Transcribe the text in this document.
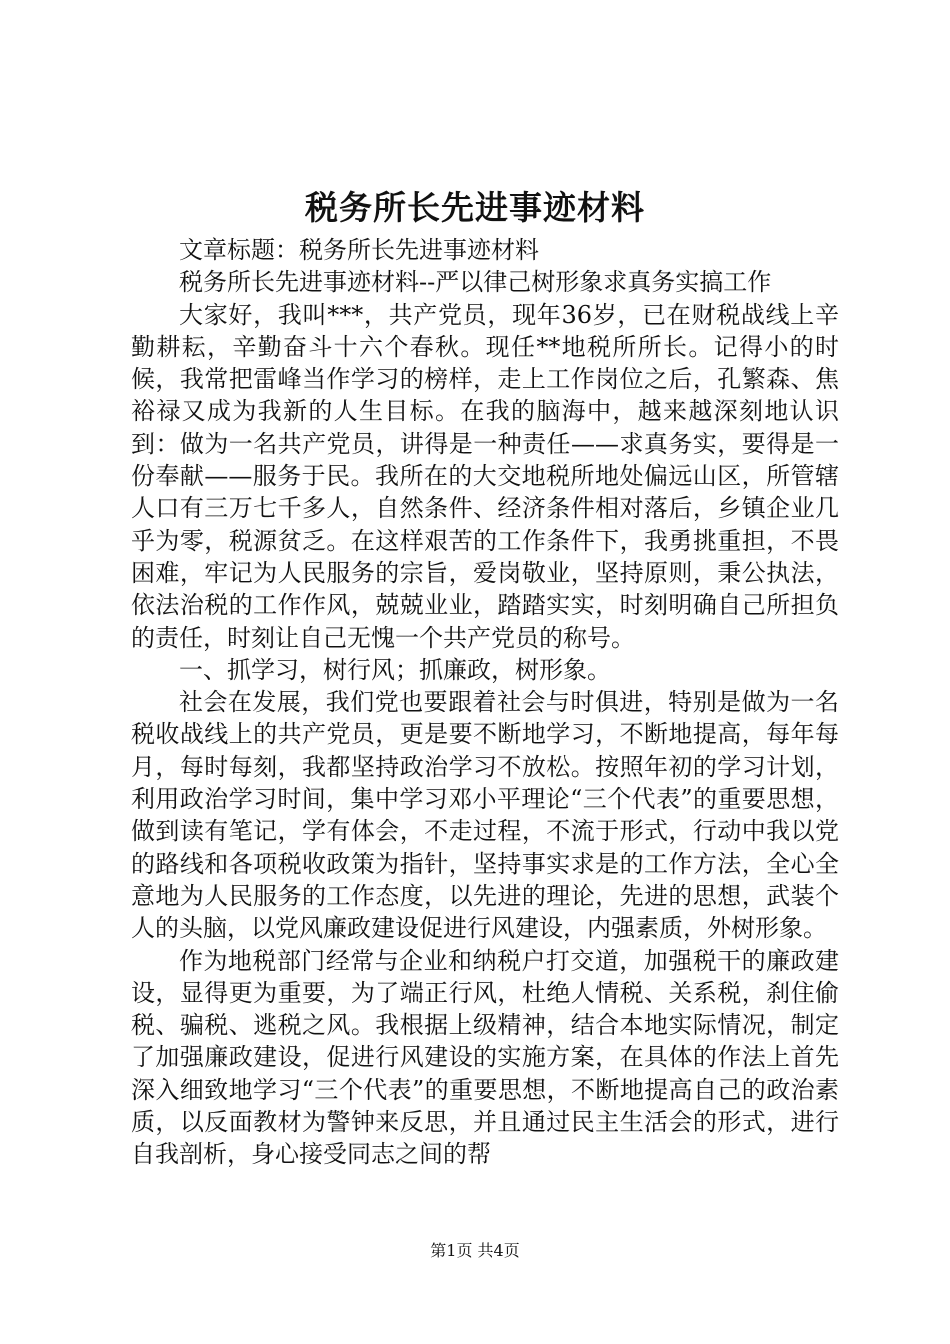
税务所长先进事迹材料

文章标题：税务所长先进事迹材料

税务所长先进事迹材料--严以律己树形象求真务实搞工作

大家好，我叫***，共产党员，现年36岁，已在财税战线上辛勤耕耘，辛勤奋斗十六个春秋。现任**地税所所长。记得小的时候，我常把雷峰当作学习的榜样，走上工作岗位之后，孔繁森、焦裕禄又成为我新的人生目标。在我的脑海中，越来越深刻地认识到：做为一名共产党员，讲得是一种责任——求真务实，要得是一份奉献——服务于民。我所在的大交地税所地处偏远山区，所管辖人口有三万七千多人，自然条件、经济条件相对落后，乡镇企业几乎为零，税源贫乏。在这样艰苦的工作条件下，我勇挑重担，不畏困难，牢记为人民服务的宗旨，爱岗敬业，坚持原则，秉公执法，依法治税的工作作风，兢兢业业，踏踏实实，时刻明确自己所担负的责任，时刻让自己无愧一个共产党员的称号。

一、抓学习，树行风；抓廉政，树形象。

社会在发展，我们党也要跟着社会与时俱进，特别是做为一名税收战线上的共产党员，更是要不断地学习，不断地提高，每年每月，每时每刻，我都坚持政治学习不放松。按照年初的学习计划，利用政治学习时间，集中学习邓小平理论“三个代表”的重要思想，做到读有笔记，学有体会，不走过程，不流于形式，行动中我以党的路线和各项税收政策为指针，坚持事实求是的工作方法，全心全意地为人民服务的工作态度，以先进的理论，先进的思想，武装个人的头脑，以党风廉政建设促进行风建设，内强素质，外树形象。

作为地税部门经常与企业和纳税户打交道，加强税干的廉政建设，显得更为重要，为了端正行风，杜绝人情税、关系税，刹住偷税、骗税、逃税之风。我根据上级精神，结合本地实际情况，制定了加强廉政建设，促进行风建设的实施方案，在具体的作法上首先深入细致地学习“三个代表”的重要思想，不断地提高自己的政治素质，以反面教材为警钟来反思，并且通过民主生活会的形式，进行自我剖析，身心接受同志之间的帮

第1页 共4页
